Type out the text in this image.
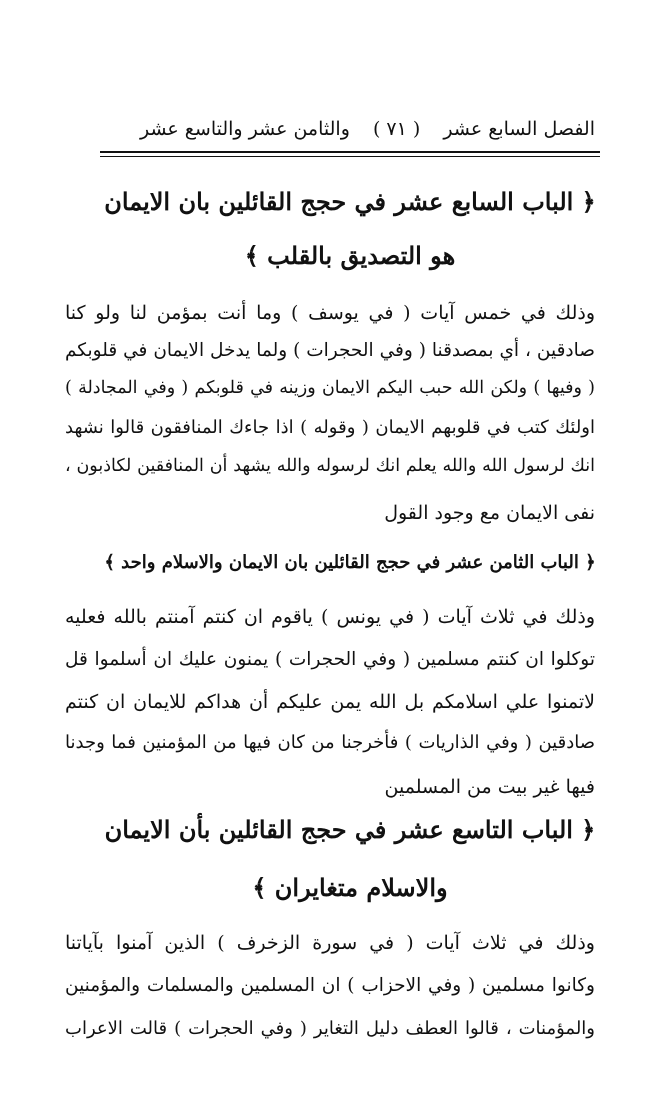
الفصل السابع عشر
( ٧١ )
والثامن عشر والتاسع عشر
﴿ الباب السابع عشر في حجج القائلين بان الايمان
هو التصديق بالقلب ﴾
وذلك في خمس آيات ( في يوسف ) وما أنت بمؤمن لنا ولو كنا
صادقين ، أي بمصدقنا ( وفي الحجرات ) ولما يدخل الايمان في قلوبكم
( وفيها ) ولكن الله حبب اليكم الايمان وزينه في قلوبكم ( وفي المجادلة )
اولئك كتب في قلوبهم الايمان ( وقوله ) اذا جاءك المنافقون قالوا نشهد
انك لرسول الله والله يعلم انك لرسوله والله يشهد أن المنافقين لكاذبون ،
نفى الايمان مع وجود القول
﴿ الباب الثامن عشر في حجج القائلين بان الايمان والاسلام واحد ﴾
وذلك في ثلاث آيات ( في يونس ) ياقوم ان كنتم آمنتم بالله فعليه
توكلوا ان كنتم مسلمين ( وفي الحجرات ) يمنون عليك ان أسلموا قل
لاتمنوا علي اسلامكم بل الله يمن عليكم أن هداكم للايمان ان كنتم
صادقين ( وفي الذاريات ) فأخرجنا من كان فيها من المؤمنين فما وجدنا
فيها غير بيت من المسلمين
﴿ الباب التاسع عشر في حجج القائلين بأن الايمان
والاسلام متغايران ﴾
وذلك في ثلاث آيات ( في سورة الزخرف ) الذين آمنوا بآياتنا
وكانوا مسلمين ( وفي الاحزاب ) ان المسلمين والمسلمات والمؤمنين
والمؤمنات ، قالوا العطف دليل التغاير ( وفي الحجرات ) قالت الاعراب
